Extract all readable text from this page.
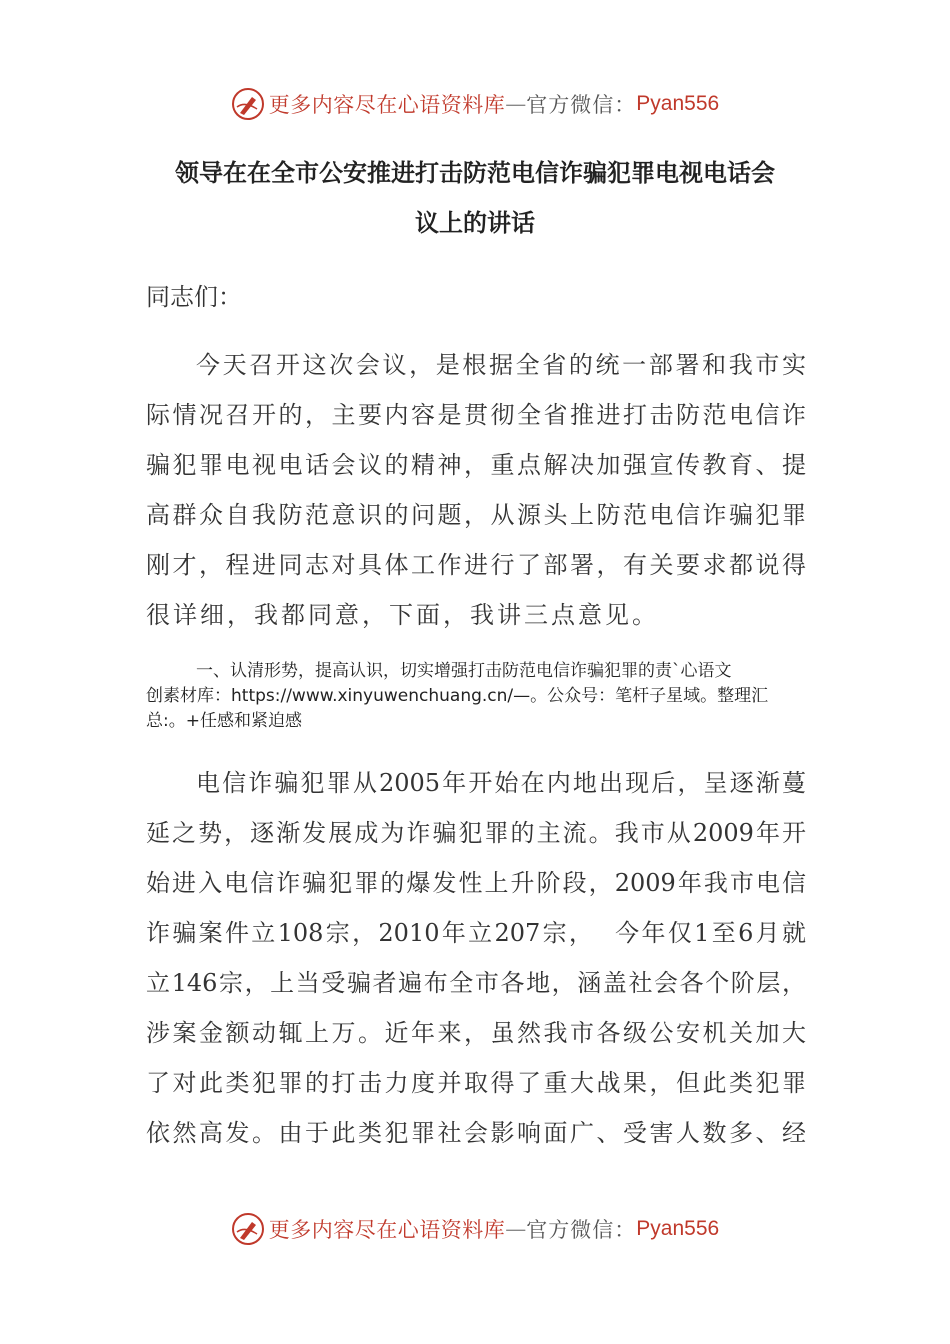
更多内容尽在心语资料库 — 官方微信： Pyan556
领导在在全市公安推进打击防范电信诈骗犯罪电视电话会
议上的讲话
同志们：
今天召开这次会议，是根据全省的统一部署和我市实
际情况召开的，主要内容是贯彻全省推进打击防范电信诈
骗犯罪电视电话会议的精神，重点解决加强宣传教育、提
高群众自我防范意识的问题，从源头上防范电信诈骗犯罪
刚才，程进同志对具体工作进行了部署，有关要求都说得
很详细，我都同意，下面，我讲三点意见。
一、认清形势，提高认识，切实增强打击防范电信诈骗犯罪的责`心语文
创素材库：https://www.xinyuwenchuang.cn/—。公众号：笔杆子星域。整理汇
总:。+任感和紧迫感
电信诈骗犯罪从2005年开始在内地出现后，呈逐渐蔓
延之势，逐渐发展成为诈骗犯罪的主流。我市从2009年开
始进入电信诈骗犯罪的爆发性上升阶段，2009年我市电信
诈骗案件立108宗，2010年立207宗，  今年仅1至6月就
立146宗，上当受骗者遍布全市各地，涵盖社会各个阶层，
涉案金额动辄上万。近年来，虽然我市各级公安机关加大
了对此类犯罪的打击力度并取得了重大战果，但此类犯罪
依然高发。由于此类犯罪社会影响面广、受害人数多、经
更多内容尽在心语资料库 — 官方微信： Pyan556
